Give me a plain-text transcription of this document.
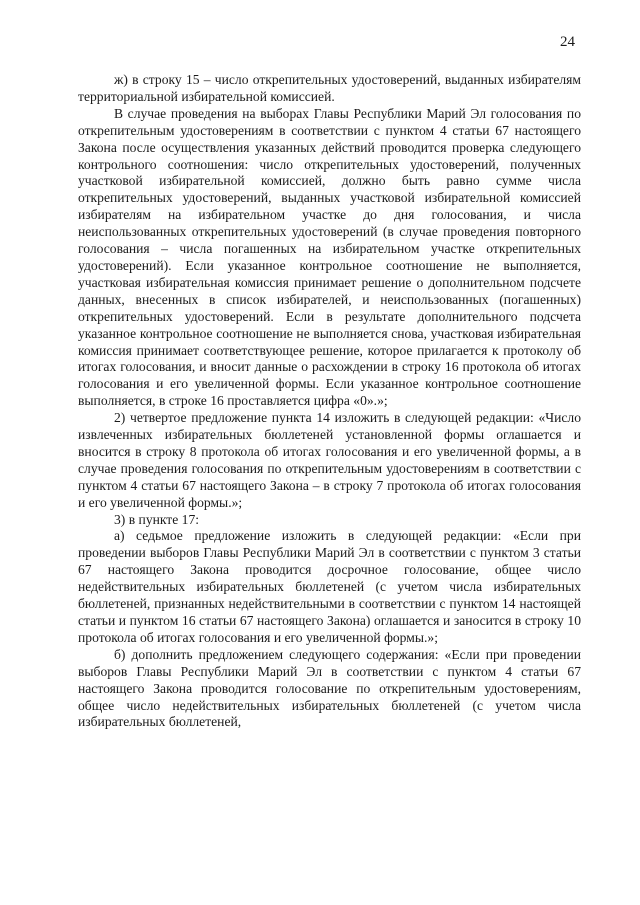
24

ж) в строку 15 – число открепительных удостоверений, выданных избирателям территориальной избирательной комиссией.

В случае проведения на выборах Главы Республики Марий Эл голосования по открепительным удостоверениям в соответствии с пунктом 4 статьи 67 настоящего Закона после осуществления указанных действий проводится проверка следующего контрольного соотношения: число открепительных удостоверений, полученных участковой избирательной комиссией, должно быть равно сумме числа открепительных удостоверений, выданных участковой избирательной комиссией избирателям на избирательном участке до дня голосования, и числа неиспользованных открепительных удостоверений (в случае проведения повторного голосования – числа погашенных на избирательном участке открепительных удостоверений). Если указанное контрольное соотношение не выполняется, участковая избирательная комиссия принимает решение о дополнительном подсчете данных, внесенных в список избирателей, и неиспользованных (погашенных) открепительных удостоверений. Если в результате дополнительного подсчета указанное контрольное соотношение не выполняется снова, участковая избирательная комиссия принимает соответствующее решение, которое прилагается к протоколу об итогах голосования, и вносит данные о расхождении в строку 16 протокола об итогах голосования и его увеличенной формы. Если указанное контрольное соотношение выполняется, в строке 16 проставляется цифра «0».»;

2) четвертое предложение пункта 14 изложить в следующей редакции: «Число извлеченных избирательных бюллетеней установленной формы оглашается и вносится в строку 8 протокола об итогах голосования и его увеличенной формы, а в случае проведения голосования по открепительным удостоверениям в соответствии с пунктом 4 статьи 67 настоящего Закона – в строку 7 протокола об итогах голосования и его увеличенной формы.»;

3) в пункте 17:

а) седьмое предложение изложить в следующей редакции: «Если при проведении выборов Главы Республики Марий Эл в соответствии с пунктом 3 статьи 67 настоящего Закона проводится досрочное голосование, общее число недействительных избирательных бюллетеней (с учетом числа избирательных бюллетеней, признанных недействительными в соответствии с пунктом 14 настоящей статьи и пунктом 16 статьи 67 настоящего Закона) оглашается и заносится в строку 10 протокола об итогах голосования и его увеличенной формы.»;

б) дополнить предложением следующего содержания: «Если при проведении выборов Главы Республики Марий Эл в соответствии с пунктом 4 статьи 67 настоящего Закона проводится голосование по открепительным удостоверениям, общее число недействительных избирательных бюллетеней (с учетом числа избирательных бюллетеней,
